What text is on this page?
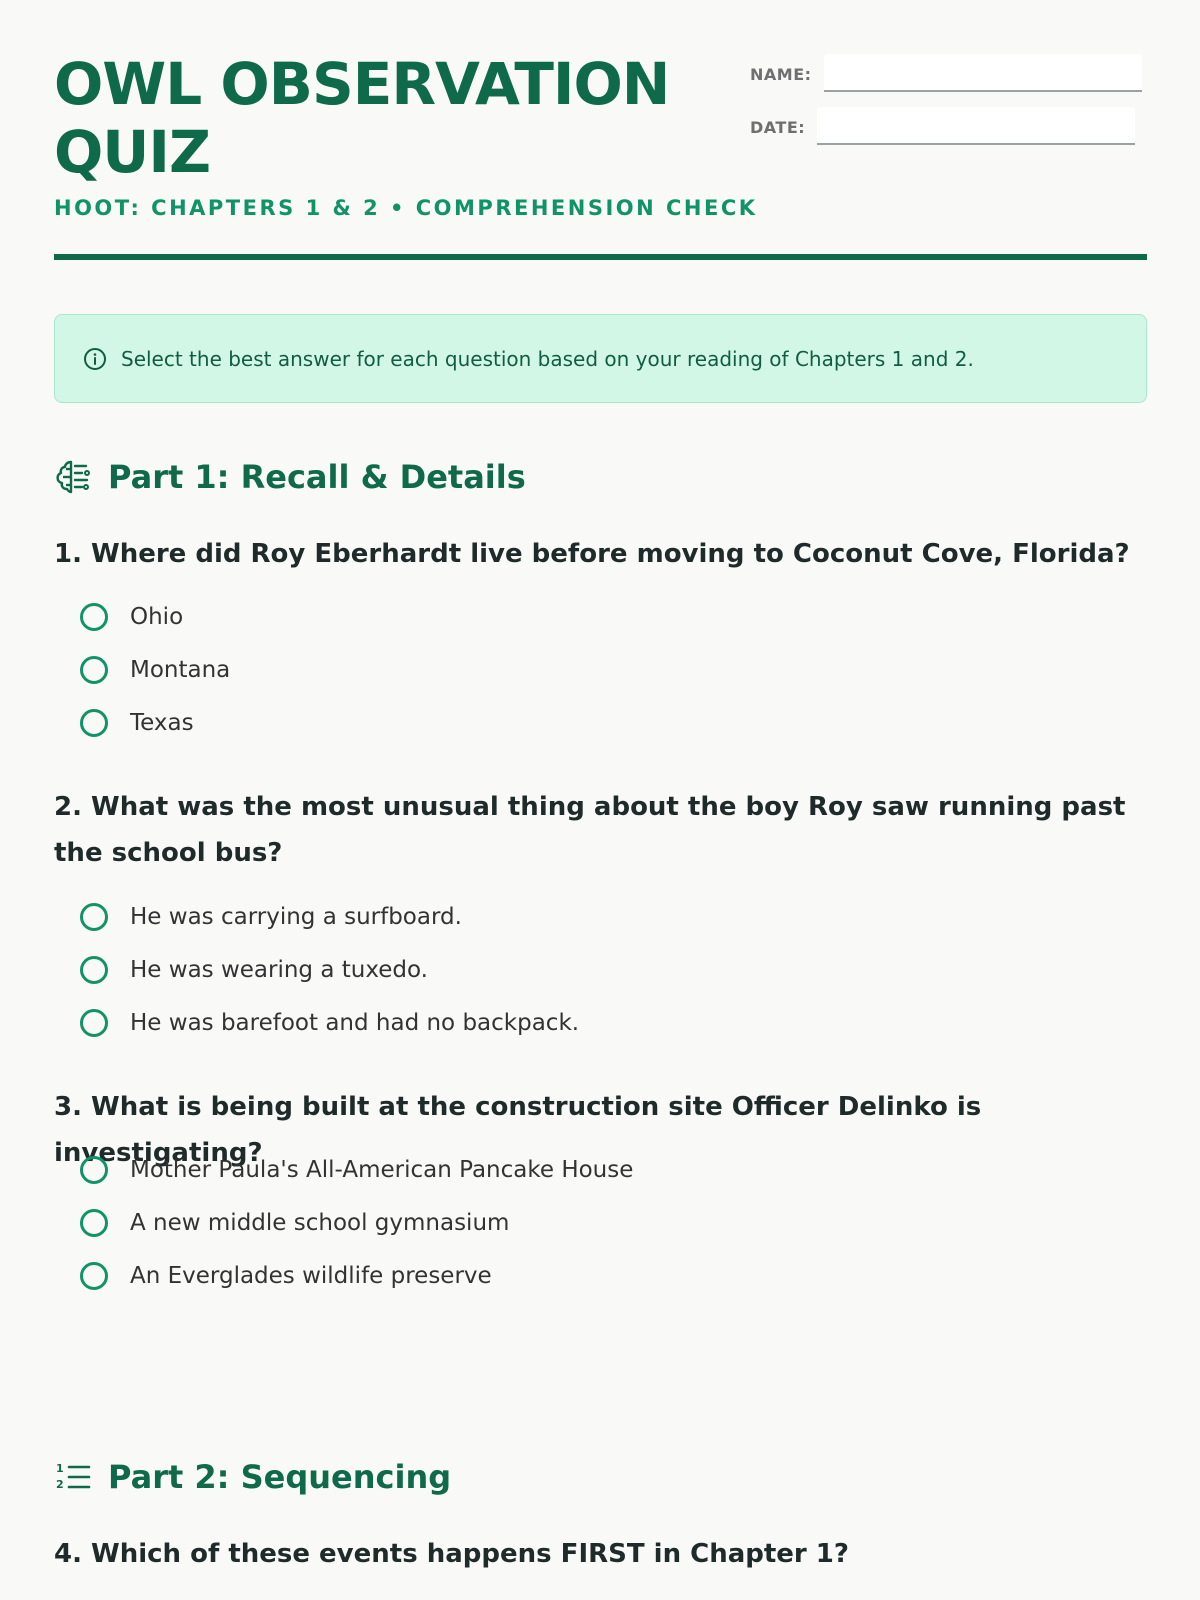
OWL OBSERVATION QUIZ
HOOT: CHAPTERS 1 & 2 • COMPREHENSION CHECK
NAME:
DATE:
Select the best answer for each question based on your reading of Chapters 1 and 2.
Part 1: Recall & Details

1. Where did Roy Eberhardt live before moving to Coconut Cove, Florida?

Ohio
Montana
Texas

2. What was the most unusual thing about the boy Roy saw running past the school bus?

He was carrying a surfboard.
He was wearing a tuxedo.
He was barefoot and had no backpack.

3. What is being built at the construction site Officer Delinko is investigating?

Mother Paula's All-American Pancake House
A new middle school gymnasium
An Everglades wildlife preserve
1
2 Part 2: Sequencing

4. Which of these events happens FIRST in Chapter 1?
